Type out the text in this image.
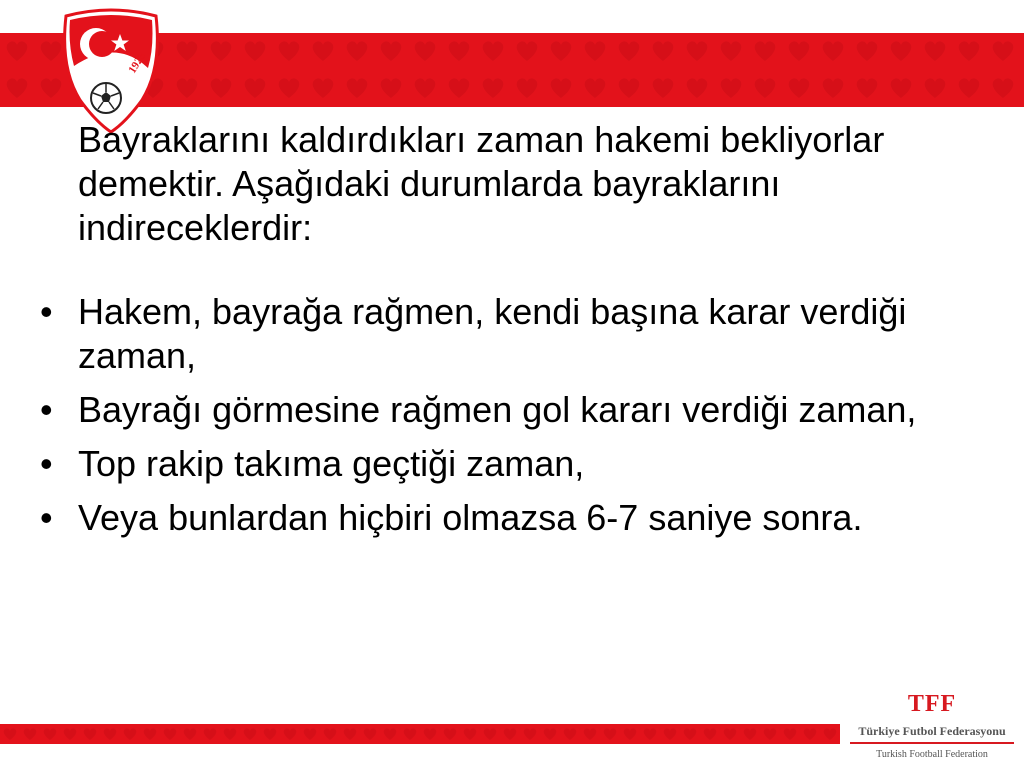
1923

Bayraklarını kaldırdıkları zaman hakemi bekliyorlar demektir. Aşağıdaki durumlarda bayraklarını indireceklerdir:

• Hakem, bayrağa rağmen, kendi başına karar verdiği zaman,
• Bayrağı görmesine rağmen gol kararı verdiği zaman,
• Top rakip takıma geçtiği zaman,
• Veya bunlardan hiçbiri olmazsa 6-7 saniye sonra.
TFF
Türkiye Futbol Federasyonu
Turkish Football Federation
